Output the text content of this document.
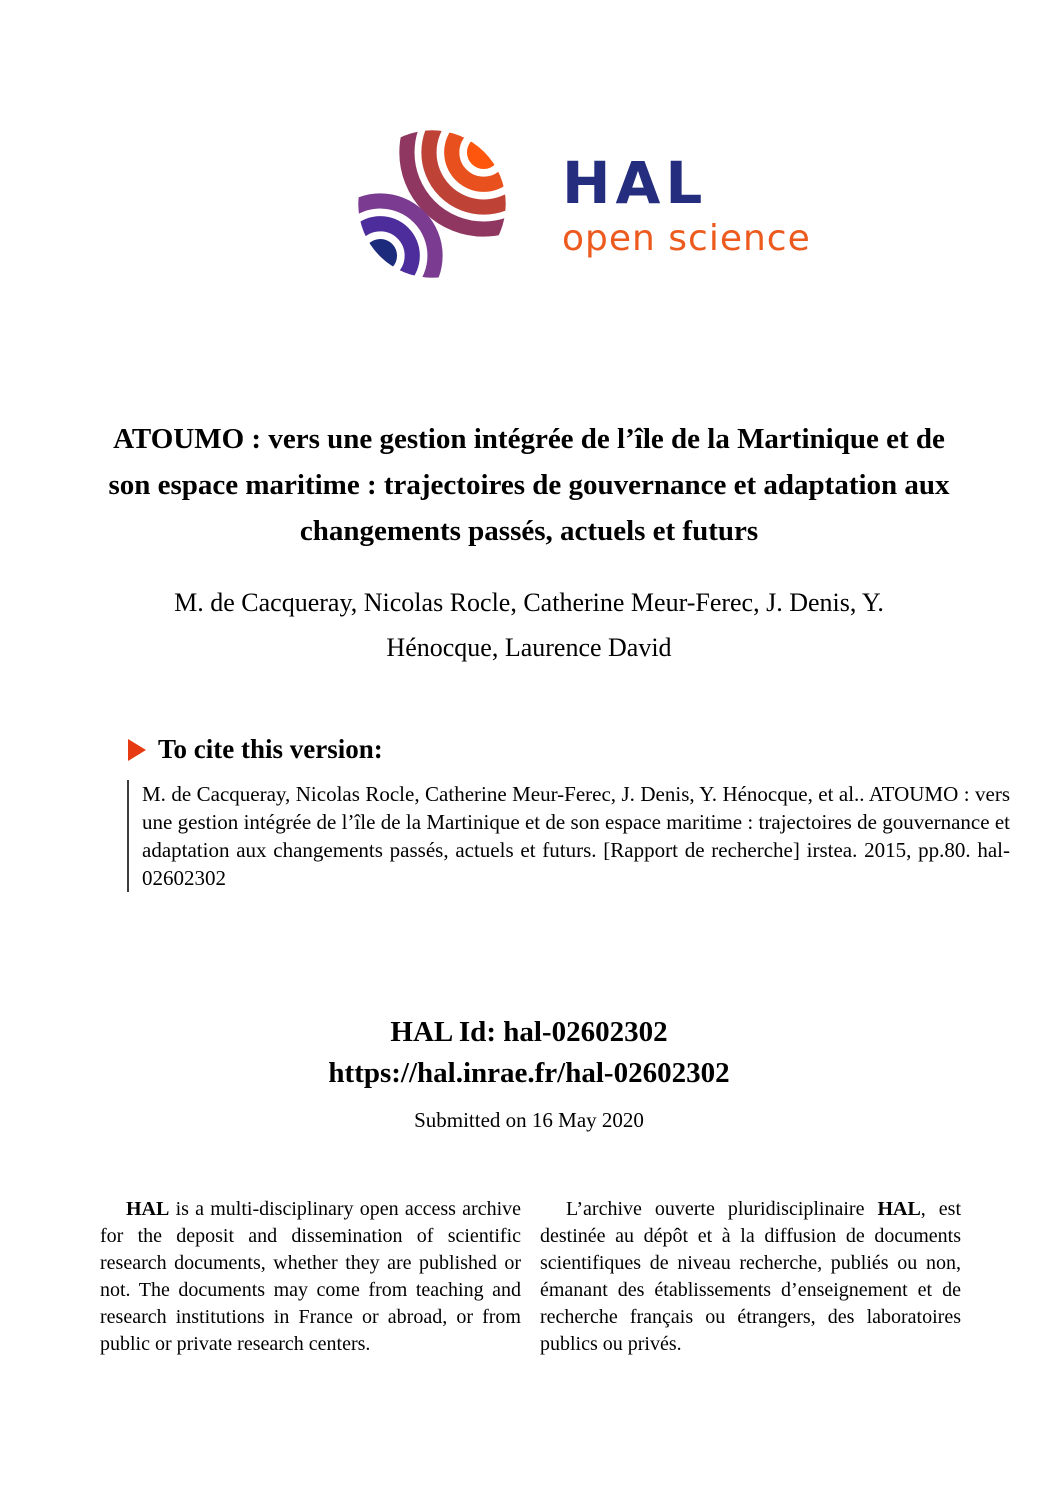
HAL
open science
ATOUMO : vers une gestion intégrée de l’île de la Martinique et de son espace maritime : trajectoires de gouvernance et adaptation aux changements passés, actuels et futurs
M. de Cacqueray, Nicolas Rocle, Catherine Meur-Ferec, J. Denis, Y. Hénocque, Laurence David
To cite this version:
M. de Cacqueray, Nicolas Rocle, Catherine Meur-Ferec, J. Denis, Y. Hénocque, et al.. ATOUMO : vers une gestion intégrée de l’île de la Martinique et de son espace maritime : trajectoires de gouvernance et adaptation aux changements passés, actuels et futurs. [Rapport de recherche] irstea. 2015, pp.80. hal-02602302
HAL Id: hal-02602302
https://hal.inrae.fr/hal-02602302
Submitted on 16 May 2020

HAL is a multi-disciplinary open access archive for the deposit and dissemination of scientific research documents, whether they are published or not. The documents may come from teaching and research institutions in France or abroad, or from public or private research centers.

L’archive ouverte pluridisciplinaire HAL, est destinée au dépôt et à la diffusion de documents scientifiques de niveau recherche, publiés ou non, émanant des établissements d’enseignement et de recherche français ou étrangers, des laboratoires publics ou privés.
